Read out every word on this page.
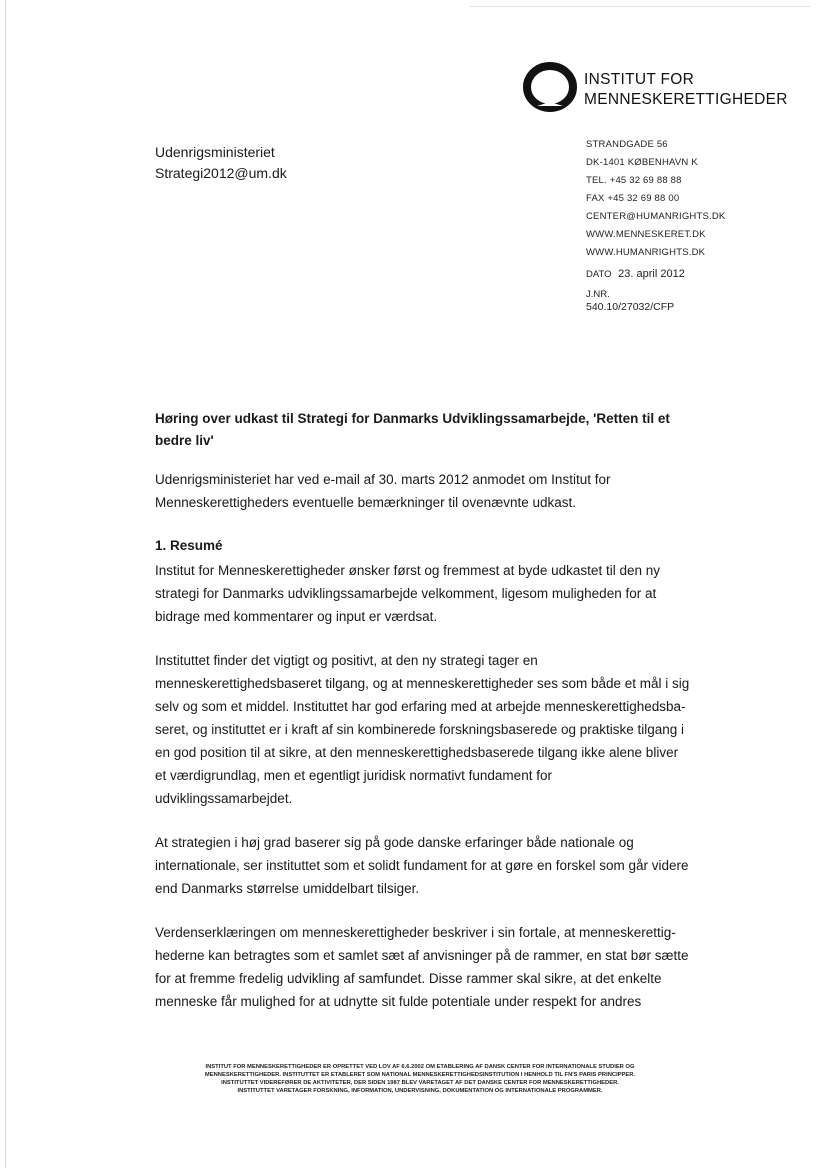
INSTITUT FOR
MENNESKERETTIGHEDER
Udenrigsministeriet
Strategi2012@um.dk
STRANDGADE 56
DK-1401 KØBENHAVN K
TEL. +45 32 69 88 88
FAX +45 32 69 88 00
CENTER@HUMANRIGHTS.DK
WWW.MENNESKERET.DK
WWW.HUMANRIGHTS.DK
DATO 23. april 2012
J.NR.
540.10/27032/CFP
Høring over udkast til Strategi for Danmarks Udviklingssamarbejde, 'Retten til et bedre liv'
Udenrigsministeriet har ved e-mail af 30. marts 2012 anmodet om Institut for
Menneskerettigheders eventuelle bemærkninger til ovenævnte udkast.
1. Resumé
Institut for Menneskerettigheder ønsker først og fremmest at byde udkastet til den ny
strategi for Danmarks udviklingssamarbejde velkomment, ligesom muligheden for at
bidrage med kommentarer og input er værdsat.
Instituttet finder det vigtigt og positivt, at den ny strategi tager en
menneskerettighedsbaseret tilgang, og at menneskerettigheder ses som både et mål i sig
selv og som et middel. Instituttet har god erfaring med at arbejde menneskerettighedsba-
seret, og instituttet er i kraft af sin kombinerede forskningsbaserede og praktiske tilgang i
en god position til at sikre, at den menneskerettighedsbaserede tilgang ikke alene bliver
et værdigrundlag, men et egentligt juridisk normativt fundament for
udviklingssamarbejdet.
At strategien i høj grad baserer sig på gode danske erfaringer både nationale og
internationale, ser instituttet som et solidt fundament for at gøre en forskel som går videre
end Danmarks størrelse umiddelbart tilsiger.
Verdenserklæringen om menneskerettigheder beskriver i sin fortale, at menneskerettig-
hederne kan betragtes som et samlet sæt af anvisninger på de rammer, en stat bør sætte
for at fremme fredelig udvikling af samfundet. Disse rammer skal sikre, at det enkelte
menneske får mulighed for at udnytte sit fulde potentiale under respekt for andres
INSTITUT FOR MENNESKERETTIGHEDER ER OPRETTET VED LOV AF 6.6.2002 OM ETABLERING AF DANSK CENTER FOR INTERNATIONALE STUDIER OG
MENNESKERETTIGHEDER. INSTITUTTET ER ETABLERET SOM NATIONAL MENNESKERETTIGHEDSINSTITUTION I HENHOLD TIL FN'S PARIS PRINCIPPER.
INSTITUTTET VIDEREFØRER DE AKTIVITETER, DER SIDEN 1987 BLEV VARETAGET AF DET DANSKE CENTER FOR MENNESKERETTIGHEDER.
INSTITUTTET VARETAGER FORSKNING, INFORMATION, UNDERVISNING, DOKUMENTATION OG INTERNATIONALE PROGRAMMER.
